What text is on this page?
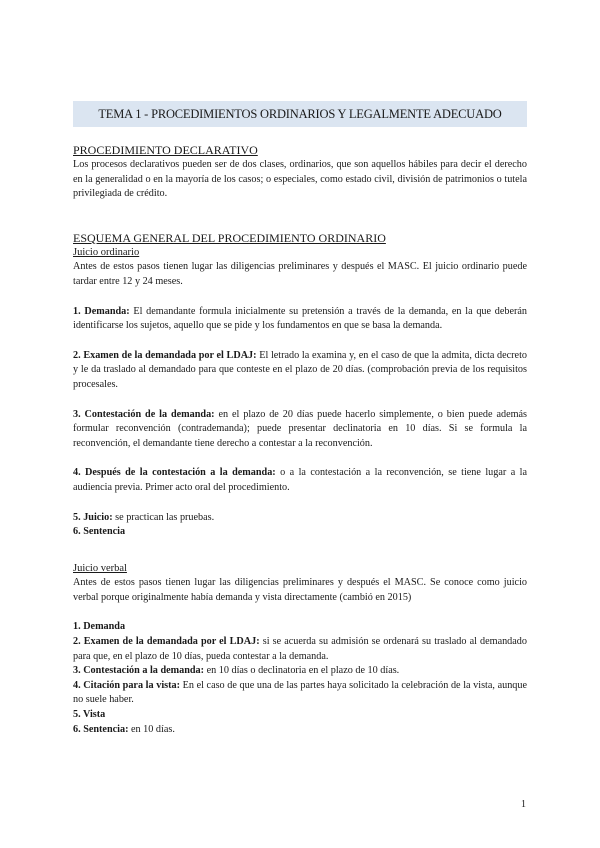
TEMA 1 - PROCEDIMIENTOS ORDINARIOS Y LEGALMENTE ADECUADO
PROCEDIMIENTO DECLARATIVO

Los procesos declarativos pueden ser de dos clases, ordinarios, que son aquellos hábiles para decir el derecho en la generalidad o en la mayoría de los casos; o especiales, como estado civil, división de patrimonios o tutela privilegiada de crédito.

ESQUEMA GENERAL DEL PROCEDIMIENTO ORDINARIO
Juicio ordinario

Antes de estos pasos tienen lugar las diligencias preliminares y después el MASC. El juicio ordinario puede tardar entre 12 y 24 meses.

1. Demanda: El demandante formula inicialmente su pretensión a través de la demanda, en la que deberán identificarse los sujetos, aquello que se pide y los fundamentos en que se basa la demanda.

2. Examen de la demandada por el LDAJ: El letrado la examina y, en el caso de que la admita, dicta decreto y le da traslado al demandado para que conteste en el plazo de 20 días. (comprobación previa de los requisitos procesales.

3. Contestación de la demanda: en el plazo de 20 días puede hacerlo simplemente, o bien puede además formular reconvención (contrademanda); puede presentar declinatoria en 10 días. Si se formula la reconvención, el demandante tiene derecho a contestar a la reconvención.

4. Después de la contestación a la demanda: o a la contestación a la reconvención, se tiene lugar a la audiencia previa. Primer acto oral del procedimiento.

5. Juicio: se practican las pruebas.

6. Sentencia

Juicio verbal

Antes de estos pasos tienen lugar las diligencias preliminares y después el MASC. Se conoce como juicio verbal porque originalmente había demanda y vista directamente (cambió en 2015)

1. Demanda

2. Examen de la demandada por el LDAJ: si se acuerda su admisión se ordenará su traslado al demandado para que, en el plazo de 10 días, pueda contestar a la demanda.

3. Contestación a la demanda: en 10 días o declinatoria en el plazo de 10 días.

4. Citación para la vista: En el caso de que una de las partes haya solicitado la celebración de la vista, aunque no suele haber.

5. Vista

6. Sentencia: en 10 días.

1
